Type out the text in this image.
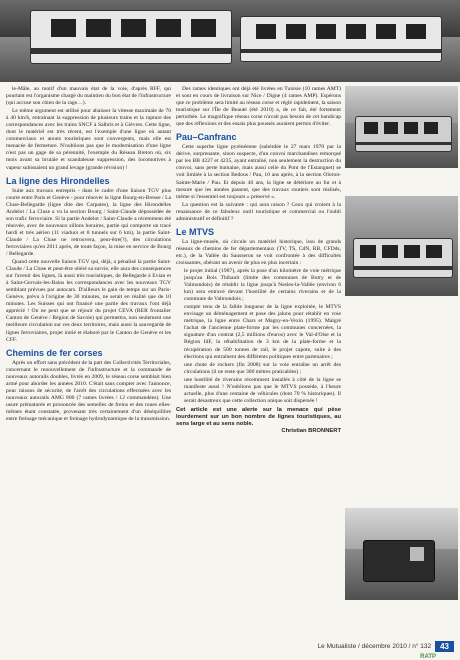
le-Mâle, au motif d'un mauvais état de la voie, d'après RFF, qui pourtant est l'organisme chargé du maintien du bon état de l'infrastructure (qui accuse son chien de la rage…).

Le même argument est utilisé pour abaisser la vitesse maximale de 70 à 40 km/h, entraînant la suppression de plusieurs trains et la rupture des correspondances avec les trains SNCF à Salbris et à Gièvres. Cette ligne, dont le matériel est très récent, est l'exemple d'une ligne où autant commerciaux et atouts touristiques sont convergents, mais elle est menacée de fermeture. N'oublions pas que le modernisation d'une ligne n'est pas un gage de sa pérennité, l'exemple du Réseau Breton où, six mois avant sa brutale et scandaleuse suppression, des locomotives à vapeur subissaient un grand levage (grande révision) !

La ligne des Hirondelles

Suite aux travaux entrepris - dans le cadre d'une liaison TGV plus courte entre Paris et Genève - pour rénover la ligne Bourg-en-Bresse / La Cluse-Bellegarde (ligne dite des Carpates), la ligne des Hirondelles Andelot / La Cluse a vu la section Bourg / Saint-Claude dépossédée de son trafic ferroviaire. Si la partie Andelot / Saint-Claude a récemment été rénovée, avec de nouveaux sillons horaires, partie qui comporte un tracé hardi et très aérien (11 viaducs et 8 tunnels sur 6 km), la partie Saint-Claude / La Cluse ne retrouvera, peut-être(?), des circulations ferroviaires qu'en 2011 après, de toute façon, la mise en service de Bourg / Bellegarde.

Quand cette nouvelle liaison TGV qui, déjà, a pénalisé la partie Saint-Claude / La Cluse et peut-être obéré sa survie, elle aura des conséquences sur l'avenir des lignes, là aussi très touristiques, de Bellegarde à Evian et à Saint-Gervais-les-Bains les correspondances avec les nouveaux TGV semblant prévues par autocars. D'ailleurs le gain de temps sur un Paris-Genève, prévu à l'origine de 30 minutes, ne serait en réalité que de 10 minutes. Les Suisses qui ont financé une partie des travaux l'ont déjà apprécié ! On ne peut que se réjouir du projet CEVA (RER frontalier Canton de Genève / Région de Savoie) qui permettra, non seulement une meilleure circulation sur ces deux territoires, mais aussi la sauvegarde de lignes ferroviaires, projet initié et élaboré par le Canton de Genève et les CFF.

Chemins de fer corses

Après un effort sans précédent de la part des Collectivités Territoriales, concernant le renouvellement de l'infrastructure et la commande de nouveaux autorails doubles, livrés en 2009, le réseau corse semblait bien armé pour aborder les années 2010. C'était sans compter avec l'annonce, pour raisons de sécurité, de l'arrêt des circulations effectuées avec les nouveaux autorails AMG 800 (7 rames livrées / 12 commandées). Une usure prématurée et prononcée des semelles de freins et des roues elles-mêmes étant constatée, provenant très certainement d'un déséquilibre entre freinage mécanique et freinage hydrodynamique de la transmission.

Des rames identiques ont déjà été livrées en Tunisie (10 rames AMT) et sont en cours de livraison sur Nice / Digne (4 rames AMP). Espérons que ce problème sera limité au réseau corse et réglé rapidement, la saison touristique sur l'Île de Beauté (été 2010) a, de ce fait, été fortement perturbée. Le magnifique réseau corse n'avait pas besoin de cet handicap que des réflexions et des essais plus poussés auraient permis d'éviter.

Pau–Canfranc

Cette superbe ligne pyrénéenne (subérdée le 27 mars 1970 par la dérive, surprenante, sinon suspecte, d'un convoi marchandises remorqué par les BB 4227 et 4235, ayant entraîné, non seulement la destruction du convoi, sans perte humaine, mais aussi celle du Pont de l'Estanguet) se voit limitée à la section Bedous / Pau, 10 ans après, à la section Oloron-Sainte-Marie / Pau. Et depuis 40 ans, la ligne se détériore au fur et à mesure que les années passent, que des travaux routiers sont réalisés, même si l'essentiel est toujours « préservé ».

La question est la suivante : qui aura raison ? Ceux qui croient à la renaissance de ce fabuleux outil touristique et commercial ou l'oubli administratif et définitif ?

Le MTVS

La ligne-musée, où circule un matériel historique, issu de grands réseaux de chemins de fer départementaux (TV, TS, CdN, RB, CFDds, etc.), de la Vallée du Sausseron se voit confrontée à des difficultés croissantes, obérant un avenir de plus en plus incertain :

• le projet initial (1987), après la pose d'un kilomètre de voie métrique jusqu'au Bois Thibault (limite des communes de Butry et de Valmondois) de rétablir la ligne jusqu'à Nesles-la-Vallée (environ 6 km) sera entravé devant l'hostilité de certains riverains et de la commune de Valmondois ;
• compte tenu de la faible longueur de la ligne exploitée, le MTVS envisage un déménagement et pose des jalons pour rétablir en voie métrique, la ligne entre Chars et Magny-en-Vexin (1995). Malgré l'achat de l'ancienne plate-forme par les communes concernées, la signature d'un contrat (2,5 millions d'euros) avec le Val-d'Oise et la Région IdF, la réhabilitation de 3 km de la plate-forme et la récupération de 500 tonnes de rail, le projet capote, suite à des élections qui entraînent des différents politiques entre partenaires ;
• une chute de rochers (fin 2008) sur la voie entraîne un arrêt des circulations (il ne reste que 300 mètres praticables) ;
• une hostilité de riverains récemment installés à côté de la ligne se manifeste aussi ! N'oublions pas que le MTVS possède, à l'heure actuelle, plus d'une centaine de véhicules (dont 70 % historiques). Il serait désastreux que cette collection unique soit dispersée !
Cet article est une alerte sur la menace qui pèse lourdement sur un bon nombre de lignes touristiques, au sens large et au sens noble.
Christian BRONNERT
Le Mutualiste / décembre 2010 / n° 132	43
RATP
